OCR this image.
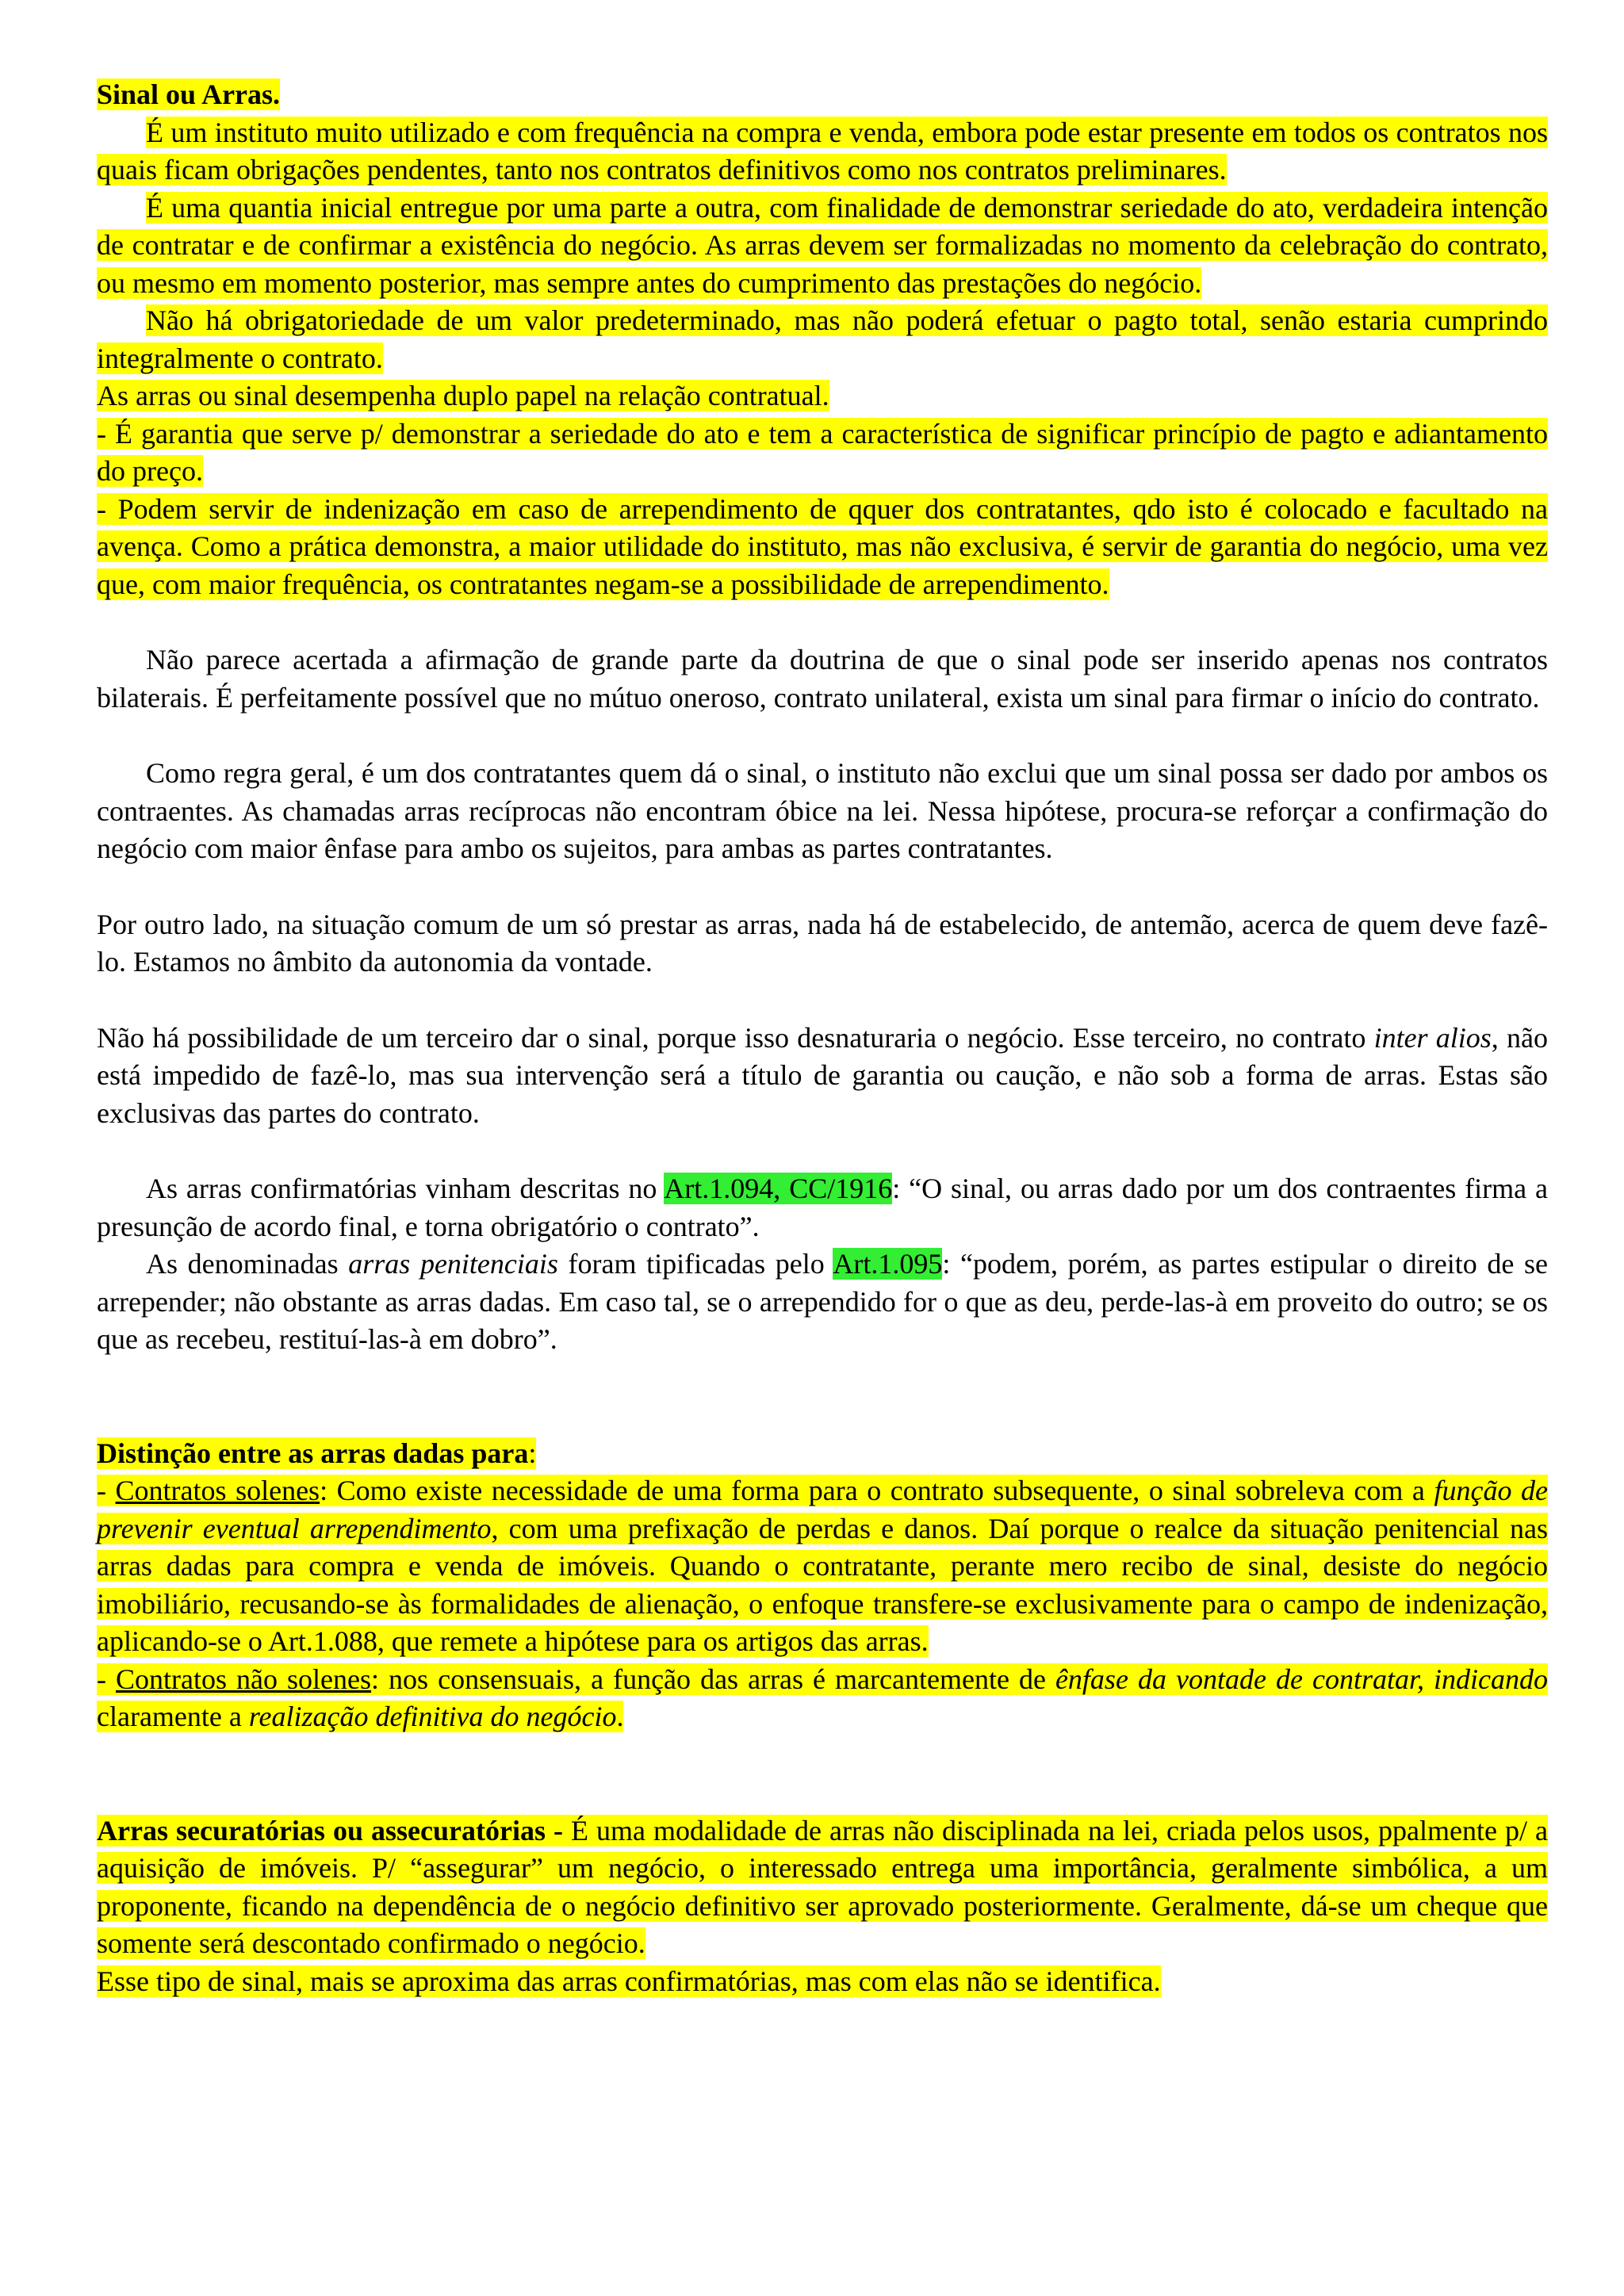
Sinal ou Arras.

É um instituto muito utilizado e com frequência na compra e venda, embora pode estar presente em todos os contratos nos quais ficam obrigações pendentes, tanto nos contratos definitivos como nos contratos preliminares.

É uma quantia inicial entregue por uma parte a outra, com finalidade de demonstrar seriedade do ato, verdadeira intenção de contratar e de confirmar a existência do negócio. As arras devem ser formalizadas no momento da celebração do contrato, ou mesmo em momento posterior, mas sempre antes do cumprimento das prestações do negócio.

Não há obrigatoriedade de um valor predeterminado, mas não poderá efetuar o pagto total, senão estaria cumprindo integralmente o contrato.

As arras ou sinal desempenha duplo papel na relação contratual.

- É garantia que serve p/ demonstrar a seriedade do ato e tem a característica de significar princípio de pagto e adiantamento do preço.

- Podem servir de indenização em caso de arrependimento de qquer dos contratantes, qdo isto é colocado e facultado na avença. Como a prática demonstra, a maior utilidade do instituto, mas não exclusiva, é servir de garantia do negócio, uma vez que, com maior frequência, os contratantes negam-se a possibilidade de arrependimento.

Não parece acertada a afirmação de grande parte da doutrina de que o sinal pode ser inserido apenas nos contratos bilaterais. É perfeitamente possível que no mútuo oneroso, contrato unilateral, exista um sinal para firmar o início do contrato.

Como regra geral, é um dos contratantes quem dá o sinal, o instituto não exclui que um sinal possa ser dado por ambos os contraentes. As chamadas arras recíprocas não encontram óbice na lei. Nessa hipótese, procura-se reforçar a confirmação do negócio com maior ênfase para ambo os sujeitos, para ambas as partes contratantes.

Por outro lado, na situação comum de um só prestar as arras, nada há de estabelecido, de antemão, acerca de quem deve fazê-lo. Estamos no âmbito da autonomia da vontade.

Não há possibilidade de um terceiro dar o sinal, porque isso desnaturaria o negócio. Esse terceiro, no contrato inter alios, não está impedido de fazê-lo, mas sua intervenção será a título de garantia ou caução, e não sob a forma de arras. Estas são exclusivas das partes do contrato.

As arras confirmatórias vinham descritas no Art.1.094, CC/1916: “O sinal, ou arras dado por um dos contraentes firma a presunção de acordo final, e torna obrigatório o contrato”.

As denominadas arras penitenciais foram tipificadas pelo Art.1.095: “podem, porém, as partes estipular o direito de se arrepender; não obstante as arras dadas. Em caso tal, se o arrependido for o que as deu, perde-las-à em proveito do outro; se os que as recebeu, restituí-las-à em dobro”.

Distinção entre as arras dadas para:

- Contratos solenes: Como existe necessidade de uma forma para o contrato subsequente, o sinal sobreleva com a função de prevenir eventual arrependimento, com uma prefixação de perdas e danos. Daí porque o realce da situação penitencial nas arras dadas para compra e venda de imóveis. Quando o contratante, perante mero recibo de sinal, desiste do negócio imobiliário, recusando-se às formalidades de alienação, o enfoque transfere-se exclusivamente para o campo de indenização, aplicando-se o Art.1.088, que remete a hipótese para os artigos das arras.

- Contratos não solenes: nos consensuais, a função das arras é marcantemente de ênfase da vontade de contratar, indicando claramente a realização definitiva do negócio.

Arras securatórias ou assecuratórias - É uma modalidade de arras não disciplinada na lei, criada pelos usos, ppalmente p/ a aquisição de imóveis. P/ “assegurar” um negócio, o interessado entrega uma importância, geralmente simbólica, a um proponente, ficando na dependência de o negócio definitivo ser aprovado posteriormente. Geralmente, dá-se um cheque que somente será descontado confirmado o negócio.

Esse tipo de sinal, mais se aproxima das arras confirmatórias, mas com elas não se identifica.
